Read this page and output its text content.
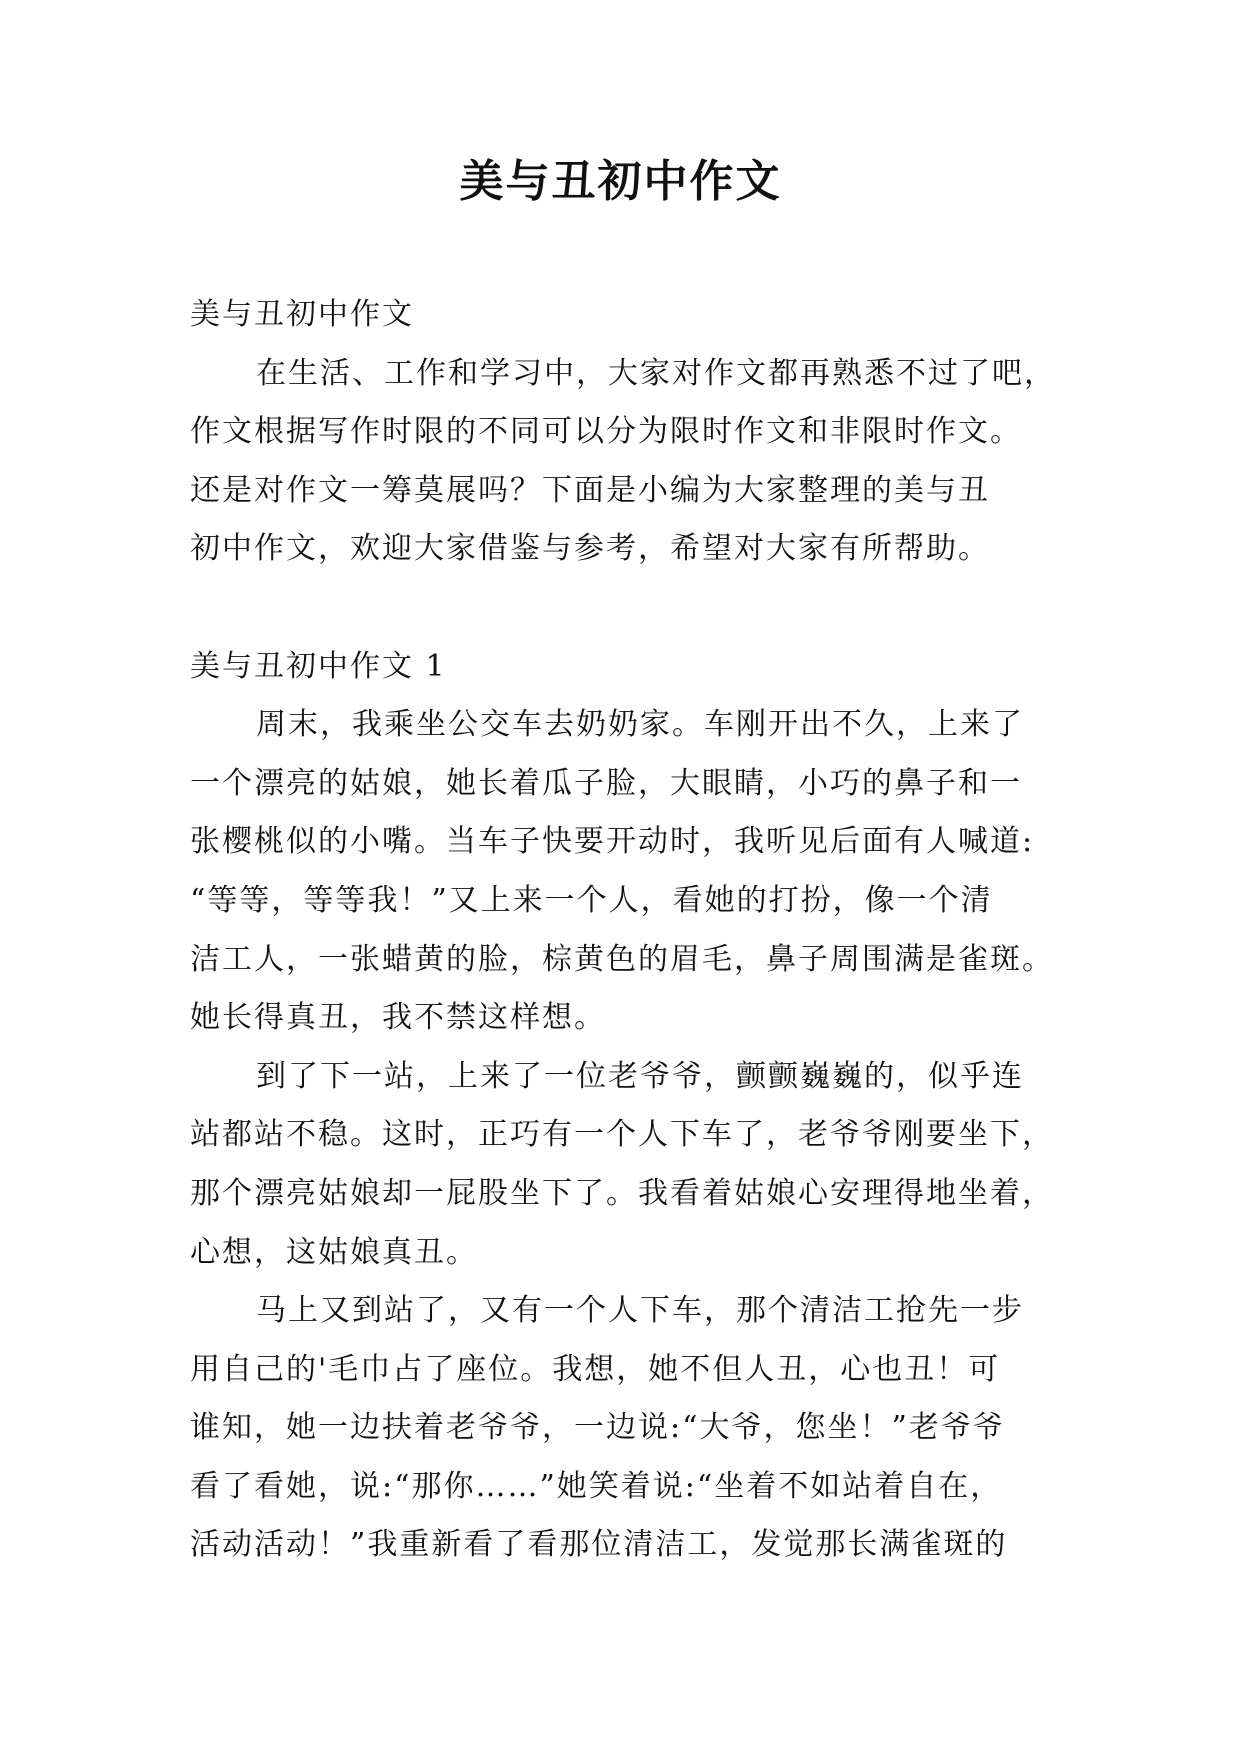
美与丑初中作文
美与丑初中作文
在生活、工作和学习中，大家对作文都再熟悉不过了吧，
作文根据写作时限的不同可以分为限时作文和非限时作文。
还是对作文一筹莫展吗？下面是小编为大家整理的美与丑
初中作文，欢迎大家借鉴与参考，希望对大家有所帮助。
美与丑初中作文 1
周末，我乘坐公交车去奶奶家。车刚开出不久，上来了
一个漂亮的姑娘，她长着瓜子脸，大眼睛，小巧的鼻子和一
张樱桃似的小嘴。当车子快要开动时，我听见后面有人喊道:
“等等，等等我！”又上来一个人，看她的打扮，像一个清
洁工人，一张蜡黄的脸，棕黄色的眉毛，鼻子周围满是雀斑。
她长得真丑，我不禁这样想。
到了下一站，上来了一位老爷爷，颤颤巍巍的，似乎连
站都站不稳。这时，正巧有一个人下车了，老爷爷刚要坐下，
那个漂亮姑娘却一屁股坐下了。我看着姑娘心安理得地坐着，
心想，这姑娘真丑。
马上又到站了，又有一个人下车，那个清洁工抢先一步
用自己的'毛巾占了座位。我想，她不但人丑，心也丑！可
谁知，她一边扶着老爷爷，一边说:“大爷，您坐！”老爷爷
看了看她，说:“那你……”她笑着说:“坐着不如站着自在，
活动活动！”我重新看了看那位清洁工，发觉那长满雀斑的
